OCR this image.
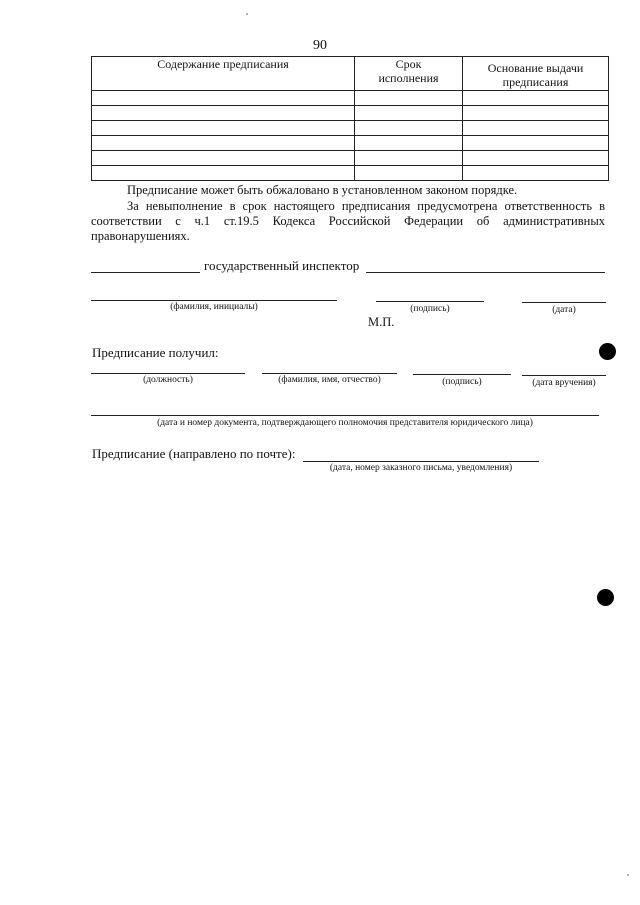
90
Содержание предписания	Срок исполнения	Основание выдачи предписания

Предписание может быть обжаловано в установленном законом порядке.
За невыполнение в срок настоящего предписания предусмотрена ответственность в соответствии с ч.1 ст.19.5 Кодекса Российской Федерации об административных правонарушениях.
государственный инспектор
(фамилия, инициалы)	(подпись)	(дата)
М.П.
Предписание получил:
(должность)	(фамилия, имя, отчество)	(подпись)	(дата вручения)
(дата и номер документа, подтверждающего полномочия представителя юридического лица)
Предписание (направлено по почте):
(дата, номер заказного письма, уведомления)
